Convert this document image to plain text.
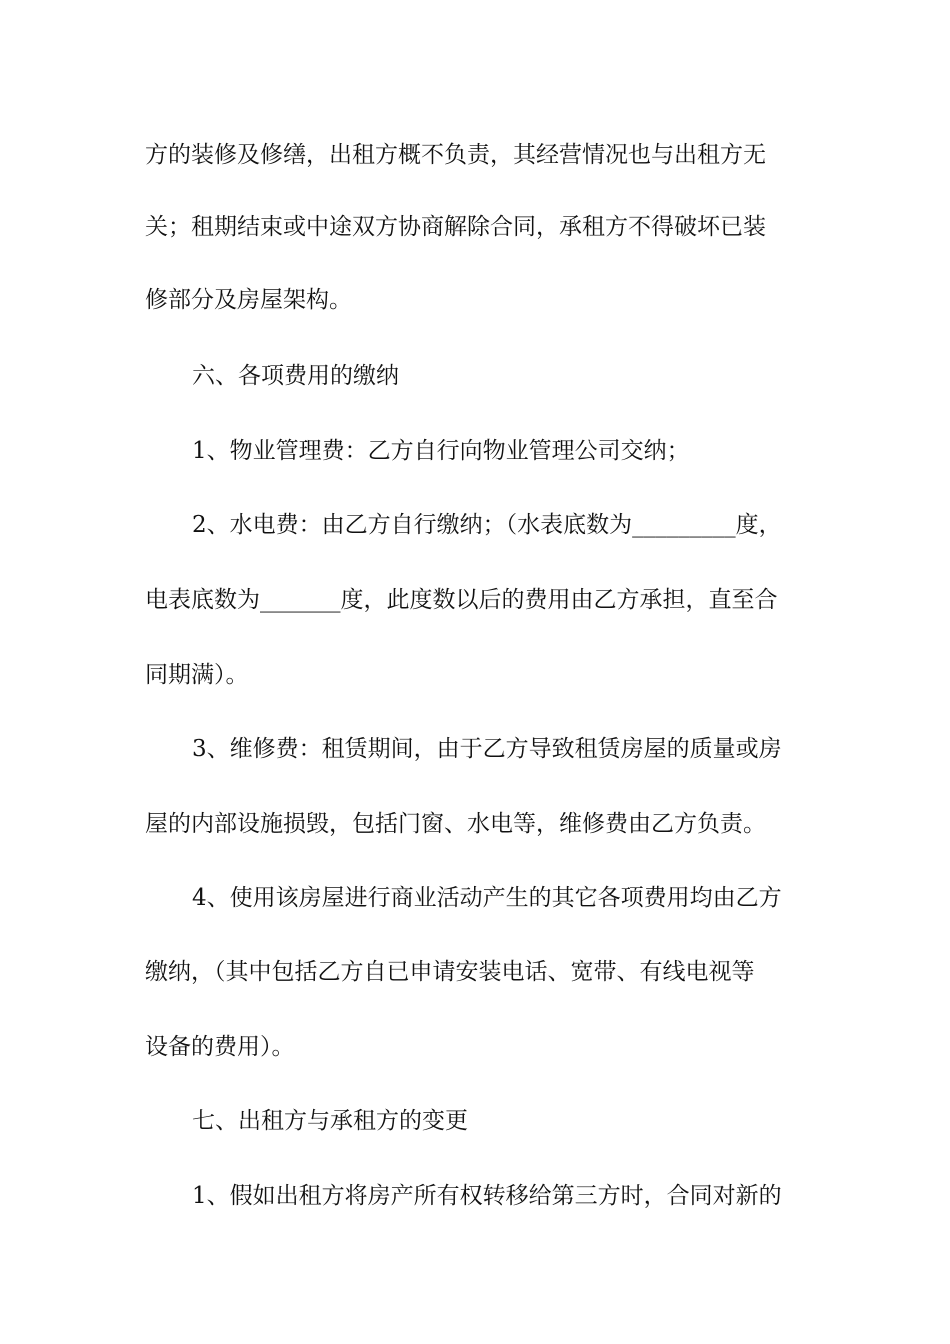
方的装修及修缮，出租方概不负责，其经营情况也与出租方无
关；租期结束或中途双方协商解除合同，承租方不得破坏已装
修部分及房屋架构。
六、各项费用的缴纳
1、物业管理费：乙方自行向物业管理公司交纳；
2、水电费：由乙方自行缴纳；（水表底数为_________度，
电表底数为_______度，此度数以后的费用由乙方承担，直至合
同期满）。
3、维修费：租赁期间，由于乙方导致租赁房屋的质量或房
屋的内部设施损毁，包括门窗、水电等，维修费由乙方负责。
4、使用该房屋进行商业活动产生的其它各项费用均由乙方
缴纳，（其中包括乙方自已申请安装电话、宽带、有线电视等
设备的费用）。
七、出租方与承租方的变更
1、假如出租方将房产所有权转移给第三方时，合同对新的
